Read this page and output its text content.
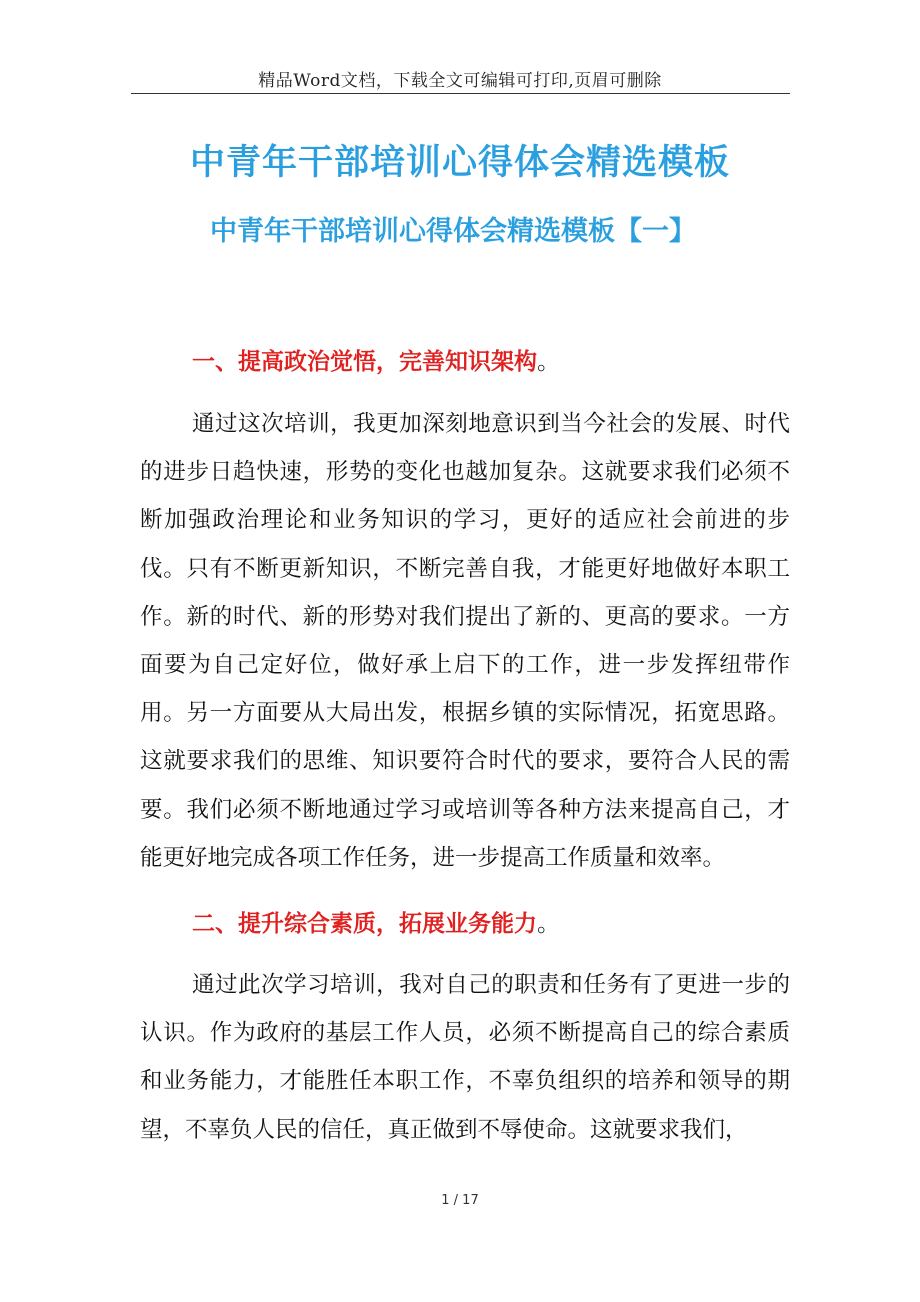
精品Word文档，下载全文可编辑可打印,页眉可删除
中青年干部培训心得体会精选模板
中青年干部培训心得体会精选模板【一】
一、提高政治觉悟，完善知识架构。

通过这次培训，我更加深刻地意识到当今社会的发展、时代的进步日趋快速，形势的变化也越加复杂。这就要求我们必须不断加强政治理论和业务知识的学习，更好的适应社会前进的步伐。只有不断更新知识，不断完善自我，才能更好地做好本职工作。新的时代、新的形势对我们提出了新的、更高的要求。一方面要为自己定好位，做好承上启下的工作，进一步发挥纽带作用。另一方面要从大局出发，根据乡镇的实际情况，拓宽思路。这就要求我们的思维、知识要符合时代的要求，要符合人民的需要。我们必须不断地通过学习或培训等各种方法来提高自己，才能更好地完成各项工作任务，进一步提高工作质量和效率。

二、提升综合素质，拓展业务能力。

通过此次学习培训，我对自己的职责和任务有了更进一步的认识。作为政府的基层工作人员，必须不断提高自己的综合素质和业务能力，才能胜任本职工作，不辜负组织的培养和领导的期望，不辜负人民的信任，真正做到不辱使命。这就要求我们，

1 / 17
